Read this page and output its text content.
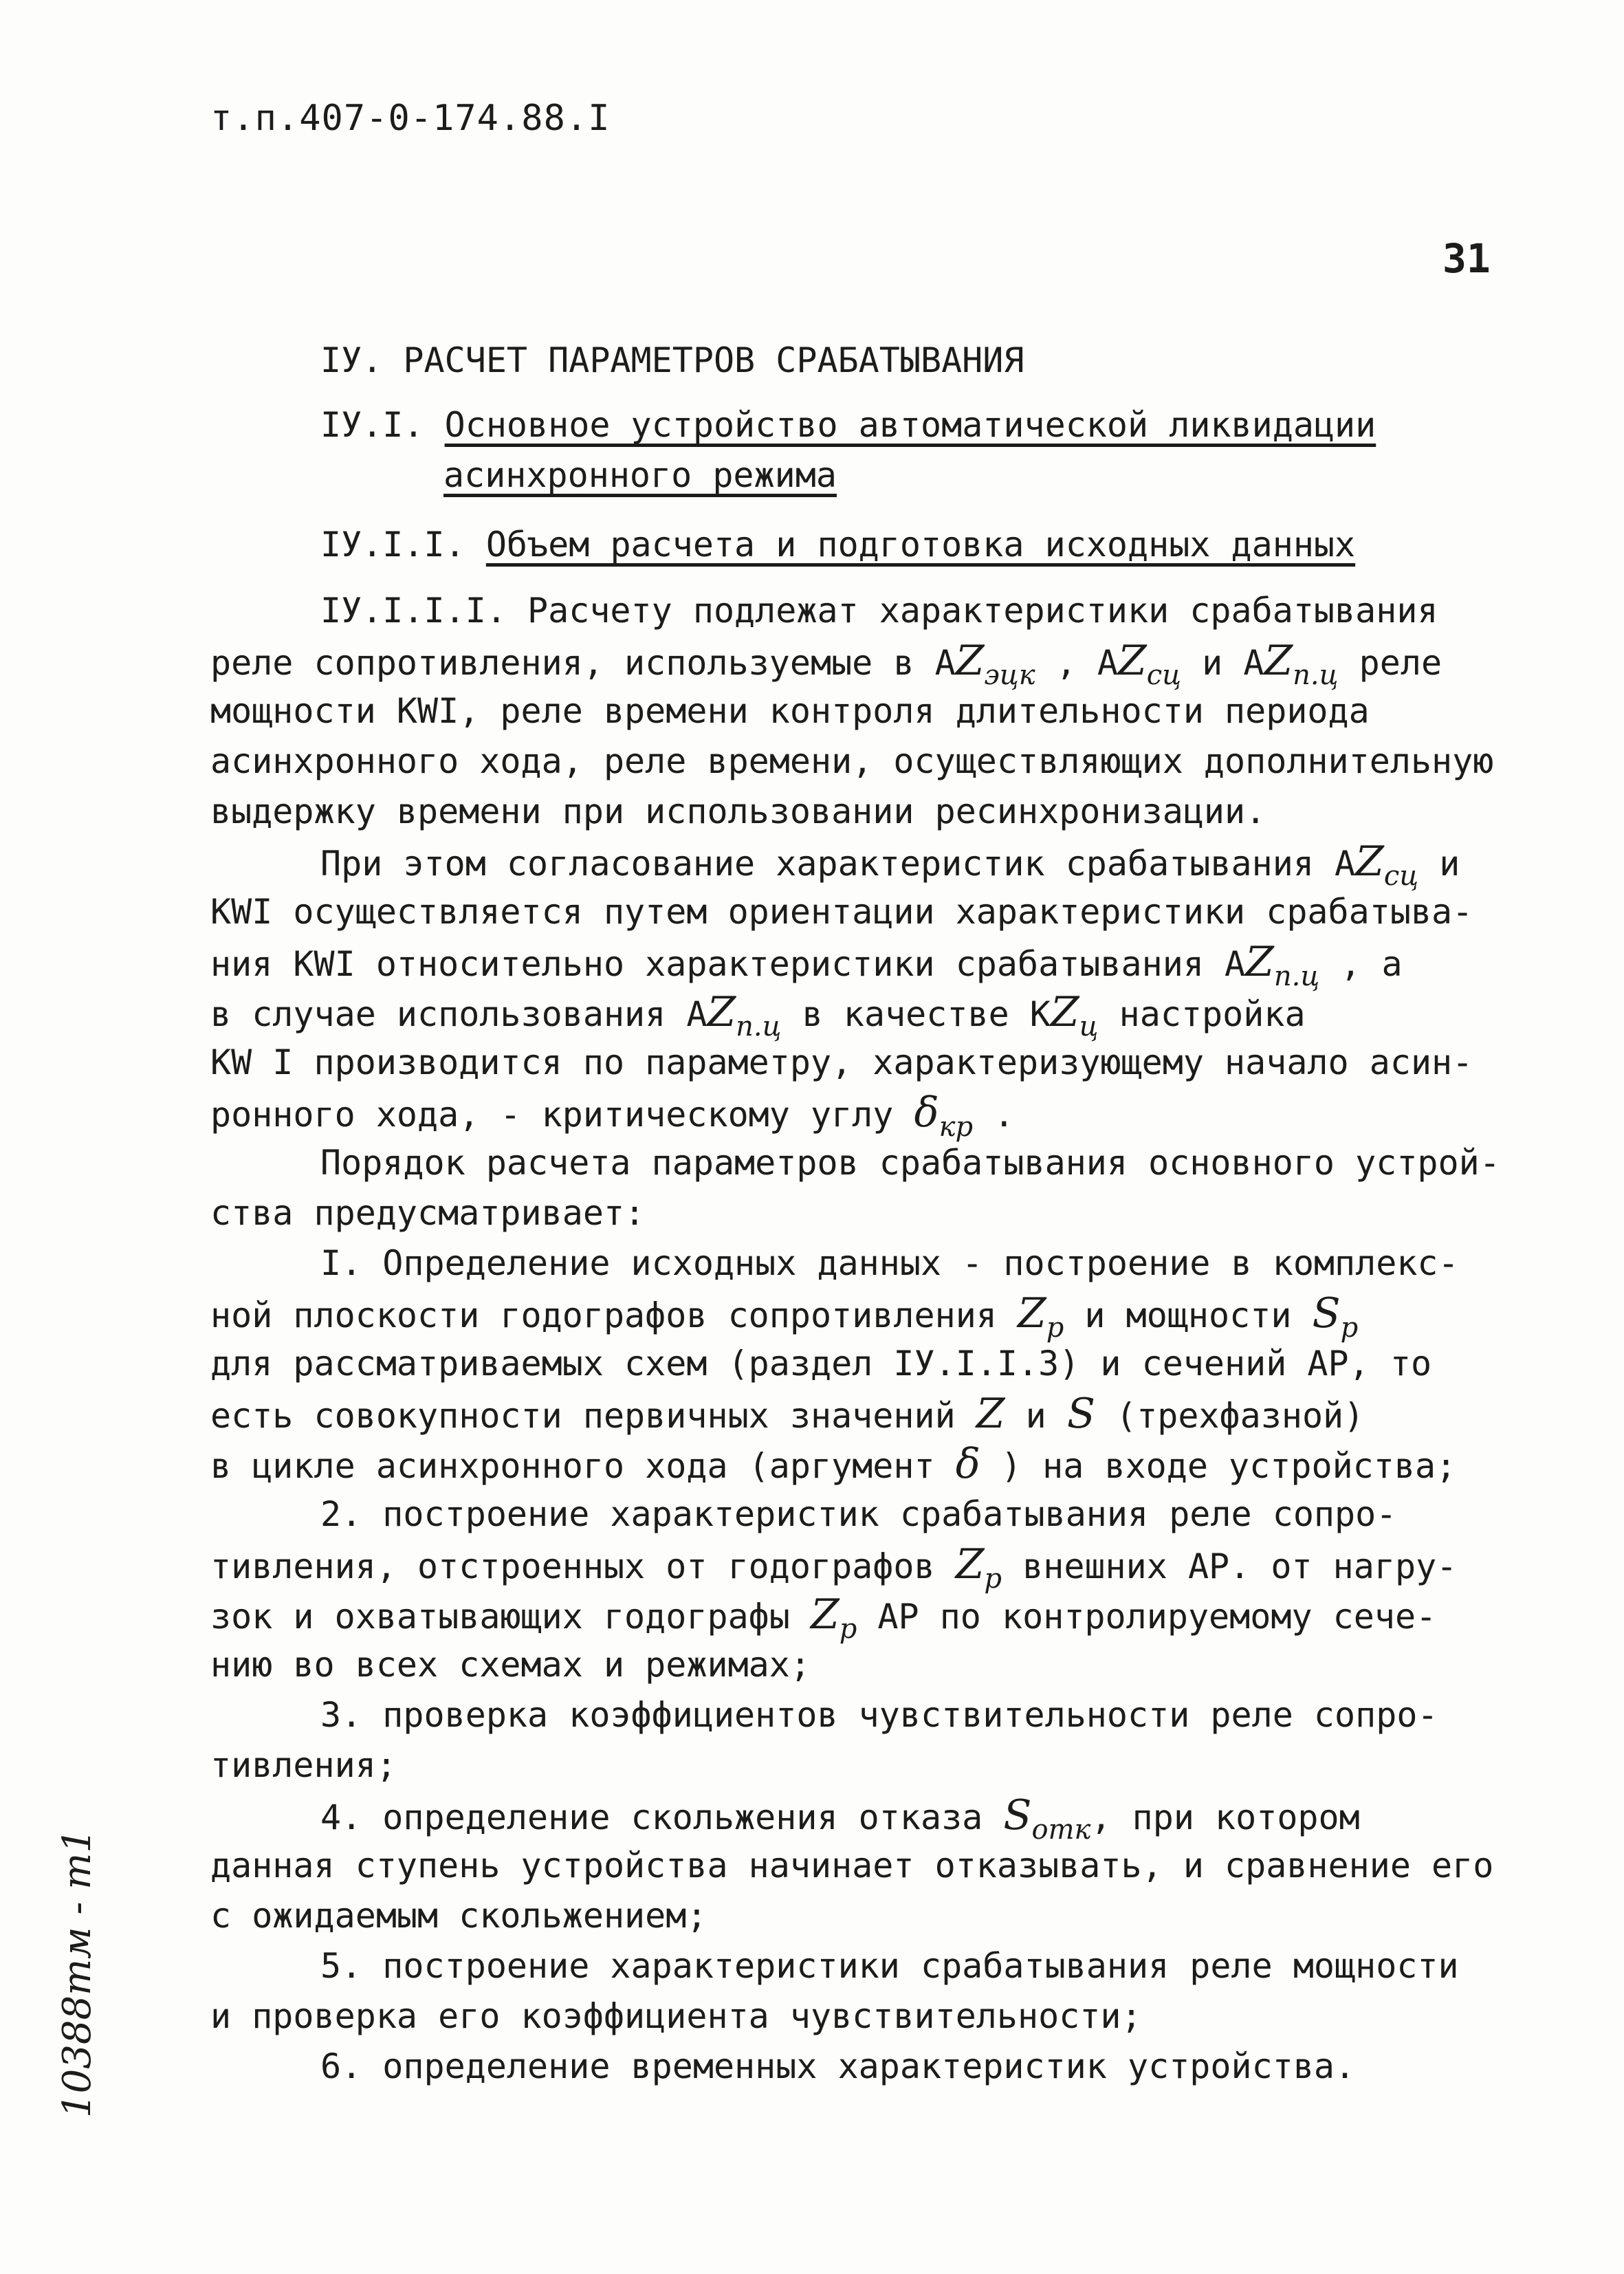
т.п.407-0-174.88.I
31
10388тм - т1
IУ. РАСЧЕТ ПАРАМЕТРОВ СРАБАТЫВАНИЯ
IУ.I. Основное устройство автоматической ликвидации
асинхронного режима
IУ.I.I. Объем расчета и подготовка исходных данных
IУ.I.I.I. Расчету подлежат характеристики срабатывания
реле сопротивления, используемые в $AZ_{эцк}$ , $AZ_{сц}$ и $AZ_{п.ц}$ реле
мощности KWI, реле времени контроля длительности периода
асинхронного хода, реле времени, осуществляющих дополнительную
выдержку времени при использовании ресинхронизации.
При этом согласование характеристик срабатывания $AZ_{сц}$ и
KWI осуществляется путем ориентации характеристики срабатыва-
ния KWI относительно характеристики срабатывания $AZ_{п.ц}$ , а
в случае использования $AZ_{п.ц}$ в качестве $KZ_ц$ настройка
KW I производится по параметру, характеризующему начало асин-
ронного хода, - критическому углу $\delta_{кр}$ .
Порядок расчета параметров срабатывания основного устрой-
ства предусматривает:
I. Определение исходных данных - построение в комплекс-
ной плоскости годографов сопротивления $Z_р$ и мощности $S_р$
для рассматриваемых схем (раздел IУ.I.I.3) и сечений АР, то
есть совокупности первичных значений Z и S (трехфазной)
в цикле асинхронного хода (аргумент δ ) на входе устройства;
2. построение характеристик срабатывания реле сопро-
тивления, отстроенных от годографов $Z_р$ внешних АР. от нагру-
зок и охватывающих годографы $Z_р$ АР по контролируемому сече-
нию во всех схемах и режимах;
3. проверка коэффициентов чувствительности реле сопро-
тивления;
4. определение скольжения отказа $S_{отк}$, при котором
данная ступень устройства начинает отказывать, и сравнение его
с ожидаемым скольжением;
5. построение характеристики срабатывания реле мощности
и проверка его коэффициента чувствительности;
6. определение временных характеристик устройства.
